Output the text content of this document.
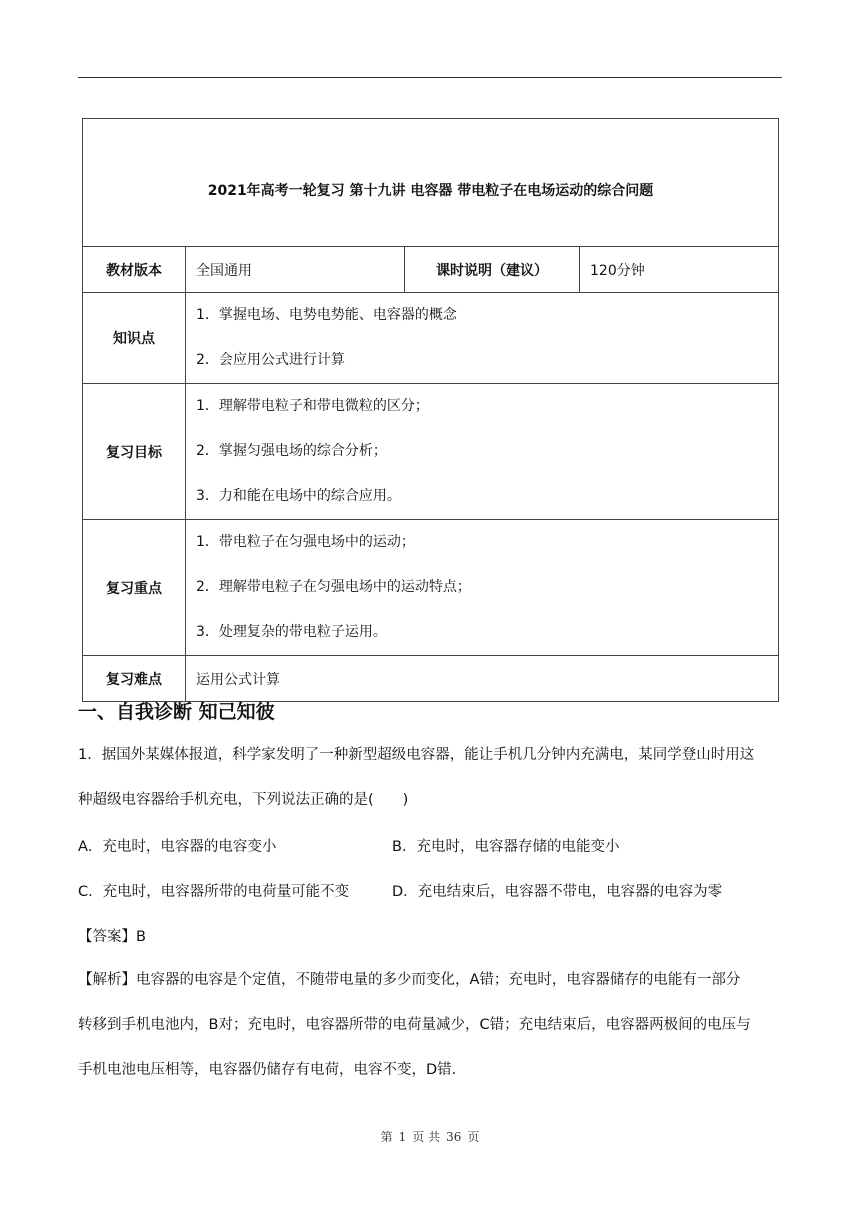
2021年高考一轮复习 第十九讲 电容器 带电粒子在电场运动的综合问题			
教材版本	全国通用	课时说明（建议）	120分钟
知识点	1．掌握电场、电势电势能、电容器的概念
2．会应用公式进行计算		

复习目标	1．理解带电粒子和带电微粒的区分；
2．掌握匀强电场的综合分析；
3．力和能在电场中的综合应用。		

复习重点	1．带电粒子在匀强电场中的运动；
2．理解带电粒子在匀强电场中的运动特点；
3．处理复杂的带电粒子运用。		

复习难点	运用公式计算		
一、自我诊断 知己知彼
1．据国外某媒体报道，科学家发明了一种新型超级电容器，能让手机几分钟内充满电，某同学登山时用这
种超级电容器给手机充电，下列说法正确的是(　　)
A．充电时，电容器的电容变小	B．充电时，电容器存储的电能变小
C．充电时，电容器所带的电荷量可能不变	D．充电结束后，电容器不带电，电容器的电容为零
【答案】B
【解析】电容器的电容是个定值，不随带电量的多少而变化，A错；充电时，电容器储存的电能有一部分
转移到手机电池内，B对；充电时，电容器所带的电荷量减少，C错；充电结束后，电容器两极间的电压与
手机电池电压相等，电容器仍储存有电荷，电容不变，D错．
第 1 页 共 36 页
